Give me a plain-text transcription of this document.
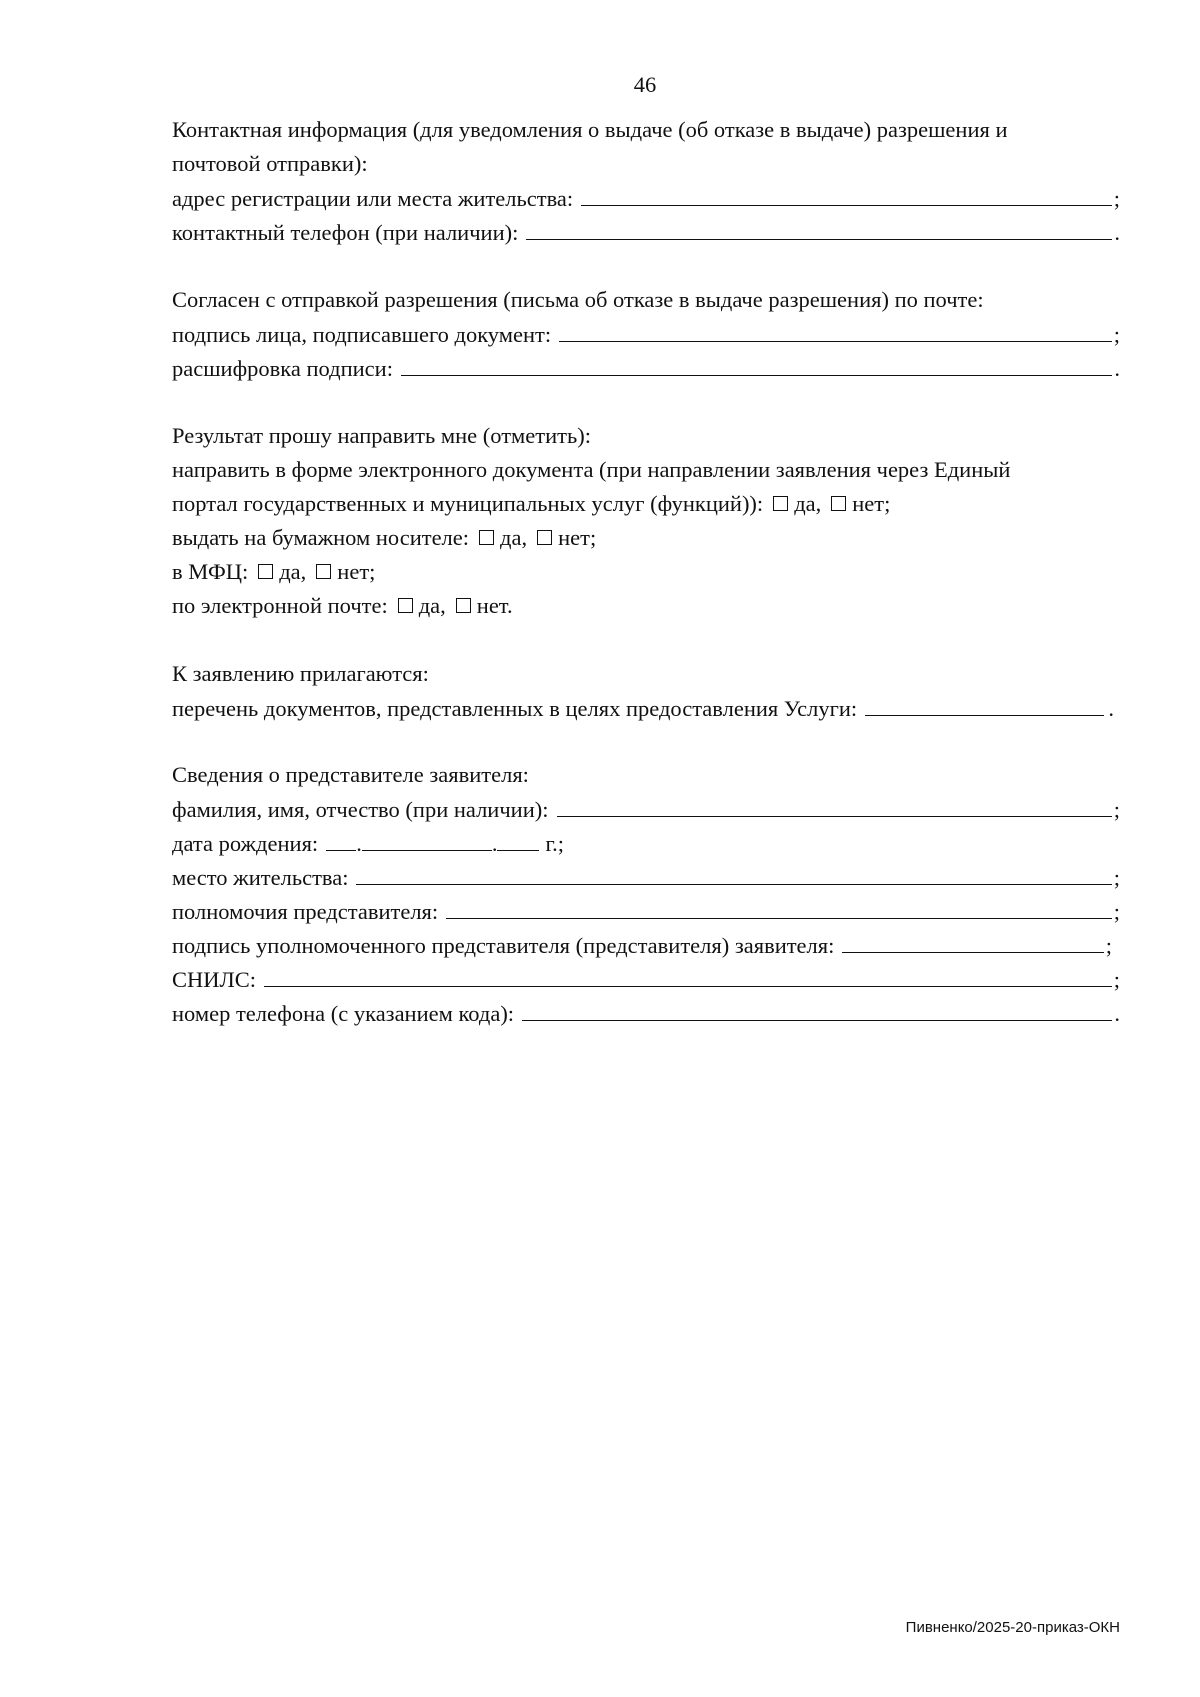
46
Контактная информация (для уведомления о выдаче (об отказе в выдаче) разрешения и
почтовой отправки):
адрес регистрации или места жительства:	;
контактный телефон (при наличии):	.
Согласен с отправкой разрешения (письма об отказе в выдаче разрешения) по почте:
подпись лица, подписавшего документ:	;
расшифровка подписи:	.
Результат прошу направить мне (отметить):
направить в форме электронного документа (при направлении заявления через Единый
портал государственных и муниципальных услуг (функций)): да, нет;
выдать на бумажном носителе: да, нет;
в МФЦ: да, нет;
по электронной почте: да, нет.
К заявлению прилагаются:
перечень документов, представленных в целях предоставления Услуги:	.
Сведения о представителе заявителя:
фамилия, имя, отчество (при наличии):	;
дата рождения: .	. г.;
место жительства:	;
полномочия представителя:	;
подпись уполномоченного представителя (представителя) заявителя:	;
СНИЛС:	;
номер телефона (с указанием кода):	.
Пивненко/2025-20-приказ-ОКН
